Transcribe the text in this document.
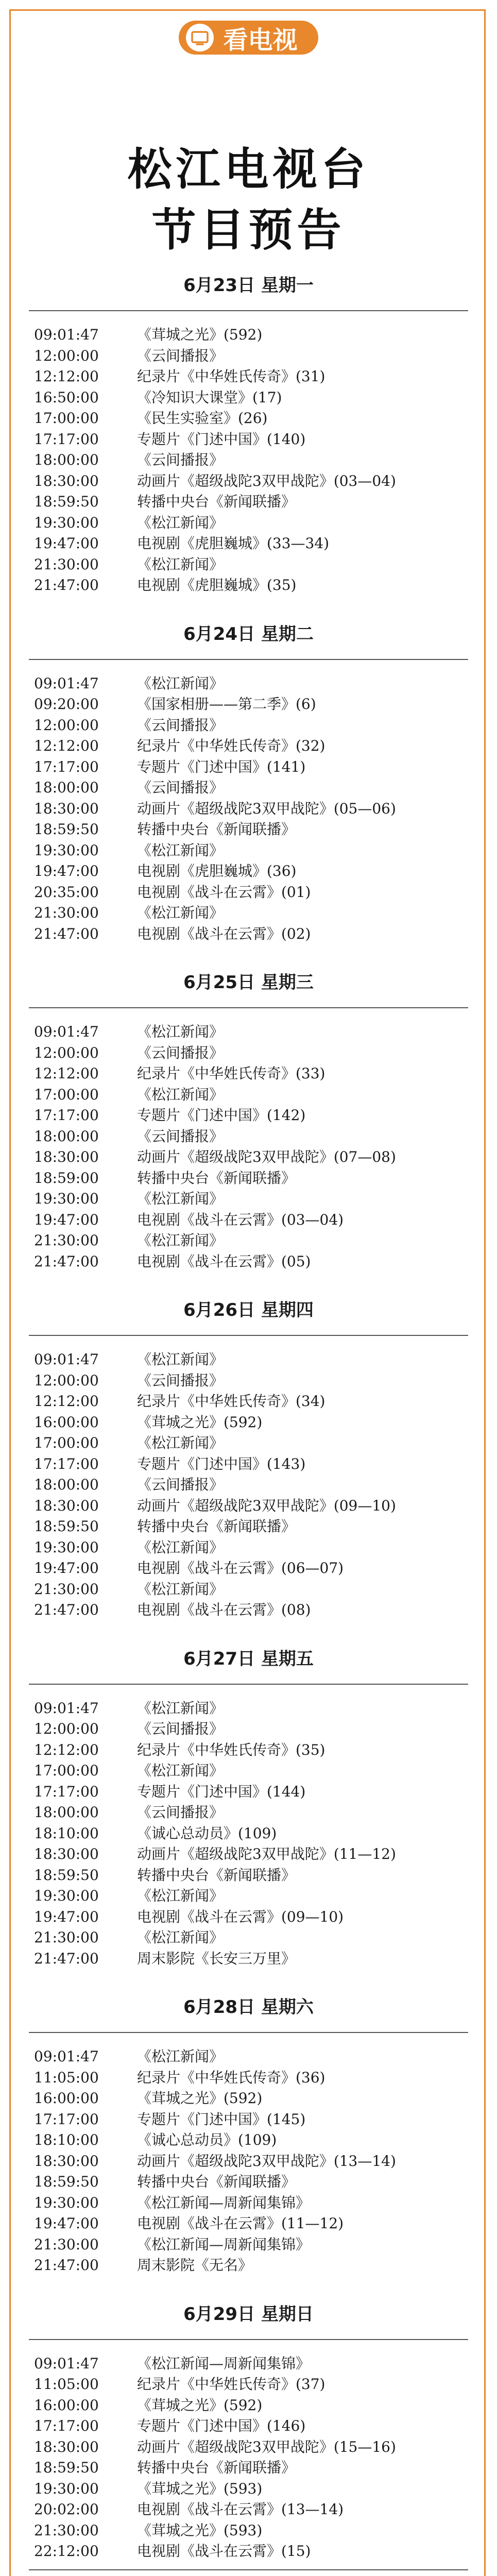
看电视
松江电视台
节目预告
6月23日 星期一
09:01:47	《茸城之光》(592)
12:00:00	《云间播报》
12:12:00	纪录片《中华姓氏传奇》(31)
16:50:00	《冷知识大课堂》(17)
17:00:00	《民生实验室》(26)
17:17:00	专题片《门述中国》(140)
18:00:00	《云间播报》
18:30:00	动画片《超级战陀3双甲战陀》(03—04)
18:59:50	转播中央台《新闻联播》
19:30:00	《松江新闻》
19:47:00	电视剧《虎胆巍城》(33—34)
21:30:00	《松江新闻》
21:47:00	电视剧《虎胆巍城》(35)
6月24日 星期二
09:01:47	《松江新闻》
09:20:00	《国家相册——第二季》(6)
12:00:00	《云间播报》
12:12:00	纪录片《中华姓氏传奇》(32)
17:17:00	专题片《门述中国》(141)
18:00:00	《云间播报》
18:30:00	动画片《超级战陀3双甲战陀》(05—06)
18:59:50	转播中央台《新闻联播》
19:30:00	《松江新闻》
19:47:00	电视剧《虎胆巍城》(36)
20:35:00	电视剧《战斗在云霄》(01)
21:30:00	《松江新闻》
21:47:00	电视剧《战斗在云霄》(02)
6月25日 星期三
09:01:47	《松江新闻》
12:00:00	《云间播报》
12:12:00	纪录片《中华姓氏传奇》(33)
17:00:00	《松江新闻》
17:17:00	专题片《门述中国》(142)
18:00:00	《云间播报》
18:30:00	动画片《超级战陀3双甲战陀》(07—08)
18:59:00	转播中央台《新闻联播》
19:30:00	《松江新闻》
19:47:00	电视剧《战斗在云霄》(03—04)
21:30:00	《松江新闻》
21:47:00	电视剧《战斗在云霄》(05)
6月26日 星期四
09:01:47	《松江新闻》
12:00:00	《云间播报》
12:12:00	纪录片《中华姓氏传奇》(34)
16:00:00	《茸城之光》(592)
17:00:00	《松江新闻》
17:17:00	专题片《门述中国》(143)
18:00:00	《云间播报》
18:30:00	动画片《超级战陀3双甲战陀》(09—10)
18:59:50	转播中央台《新闻联播》
19:30:00	《松江新闻》
19:47:00	电视剧《战斗在云霄》(06—07)
21:30:00	《松江新闻》
21:47:00	电视剧《战斗在云霄》(08)
6月27日 星期五
09:01:47	《松江新闻》
12:00:00	《云间播报》
12:12:00	纪录片《中华姓氏传奇》(35)
17:00:00	《松江新闻》
17:17:00	专题片《门述中国》(144)
18:00:00	《云间播报》
18:10:00	《诚心总动员》(109)
18:30:00	动画片《超级战陀3双甲战陀》(11—12)
18:59:50	转播中央台《新闻联播》
19:30:00	《松江新闻》
19:47:00	电视剧《战斗在云霄》(09—10)
21:30:00	《松江新闻》
21:47:00	周末影院《长安三万里》
6月28日 星期六
09:01:47	《松江新闻》
11:05:00	纪录片《中华姓氏传奇》(36)
16:00:00	《茸城之光》(592)
17:17:00	专题片《门述中国》(145)
18:10:00	《诚心总动员》(109)
18:30:00	动画片《超级战陀3双甲战陀》(13—14)
18:59:50	转播中央台《新闻联播》
19:30:00	《松江新闻—周新闻集锦》
19:47:00	电视剧《战斗在云霄》(11—12)
21:30:00	《松江新闻—周新闻集锦》
21:47:00	周末影院《无名》
6月29日 星期日
09:01:47	《松江新闻—周新闻集锦》
11:05:00	纪录片《中华姓氏传奇》(37)
16:00:00	《茸城之光》(592)
17:17:00	专题片《门述中国》(146)
18:30:00	动画片《超级战陀3双甲战陀》(15—16)
18:59:50	转播中央台《新闻联播》
19:30:00	《茸城之光》(593)
20:02:00	电视剧《战斗在云霄》(13—14)
21:30:00	《茸城之光》(593)
22:12:00	电视剧《战斗在云霄》(15)
